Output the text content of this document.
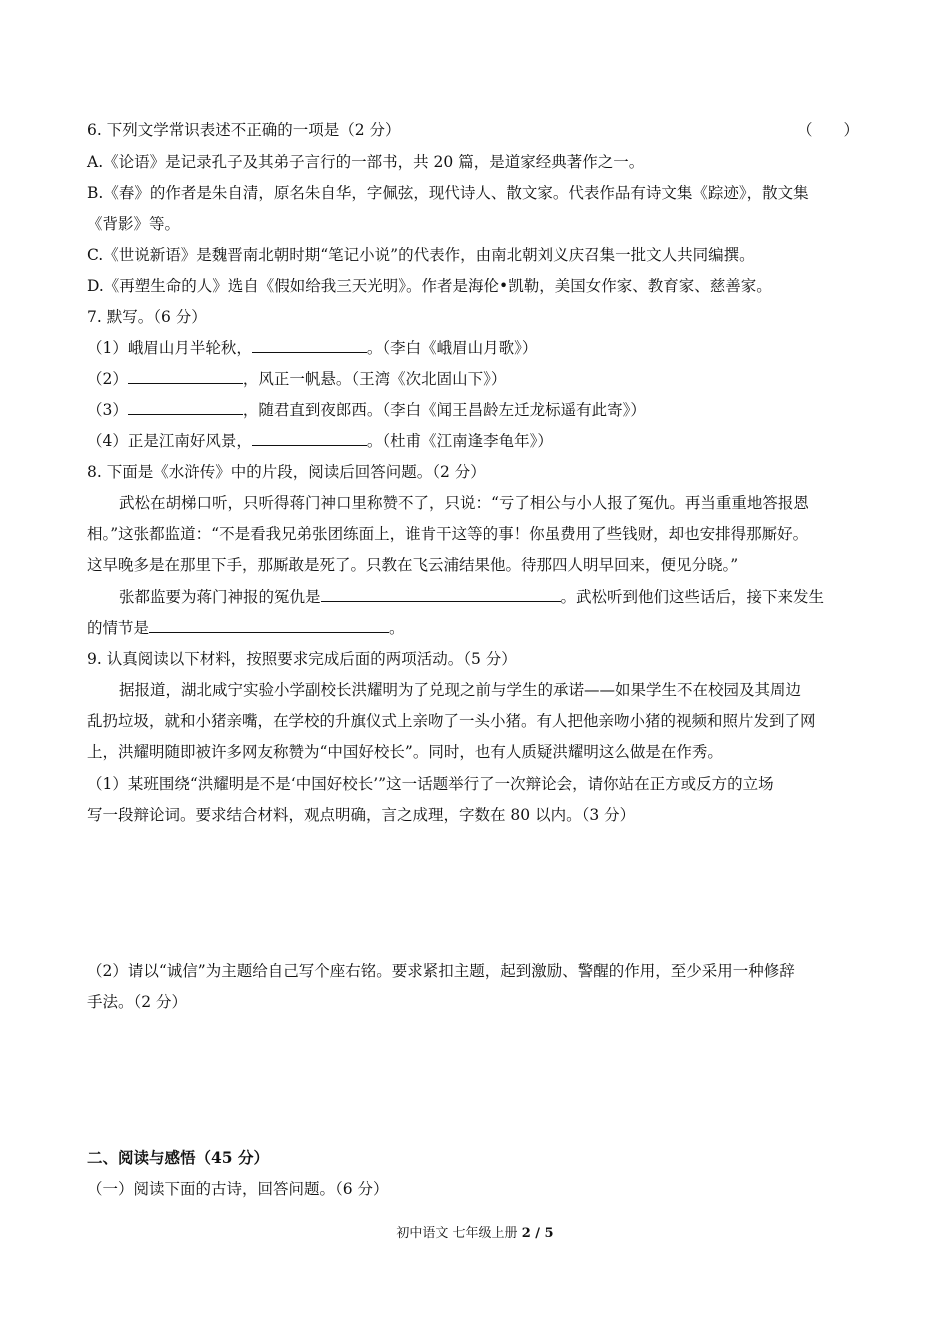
6. 下列文学常识表述不正确的一项是（2 分）	（　　）
A.《论语》是记录孔子及其弟子言行的一部书，共 20 篇，是道家经典著作之一。
B.《春》的作者是朱自清，原名朱自华，字佩弦，现代诗人、散文家。代表作品有诗文集《踪迹》，散文集
《背影》等。
C.《世说新语》是魏晋南北朝时期“笔记小说”的代表作，由南北朝刘义庆召集一批文人共同编撰。
D.《再塑生命的人》选自《假如给我三天光明》。作者是海伦•凯勒，美国女作家、教育家、慈善家。
7. 默写。（6 分）
（1）峨眉山月半轮秋，	。（李白《峨眉山月歌》）
（2）	，风正一帆悬。（王湾《次北固山下》）
（3）	，随君直到夜郎西。（李白《闻王昌龄左迁龙标遥有此寄》）
（4）正是江南好风景，	。（杜甫《江南逢李龟年》）
8. 下面是《水浒传》中的片段，阅读后回答问题。（2 分）
武松在胡梯口听，只听得蒋门神口里称赞不了，只说：“亏了相公与小人报了冤仇。再当重重地答报恩
相。”这张都监道：“不是看我兄弟张团练面上，谁肯干这等的事！你虽费用了些钱财，却也安排得那厮好。
这早晚多是在那里下手，那厮敢是死了。只教在飞云浦结果他。待那四人明早回来，便见分晓。”
张都监要为蒋门神报的冤仇是	。武松听到他们这些话后，接下来发生
的情节是	。
9. 认真阅读以下材料，按照要求完成后面的两项活动。（5 分）
据报道，湖北咸宁实验小学副校长洪耀明为了兑现之前与学生的承诺——如果学生不在校园及其周边
乱扔垃圾，就和小猪亲嘴，在学校的升旗仪式上亲吻了一头小猪。有人把他亲吻小猪的视频和照片发到了网
上，洪耀明随即被许多网友称赞为“中国好校长”。同时，也有人质疑洪耀明这么做是在作秀。
（1）某班围绕“洪耀明是不是‘中国好校长’”这一话题举行了一次辩论会，请你站在正方或反方的立场
写一段辩论词。要求结合材料，观点明确，言之成理，字数在 80 以内。（3 分）
（2）请以“诚信”为主题给自己写个座右铭。要求紧扣主题，起到激励、警醒的作用，至少采用一种修辞
手法。（2 分）
二、阅读与感悟（45 分）
（一）阅读下面的古诗，回答问题。（6 分）
初中语文 七年级上册 2 / 5
